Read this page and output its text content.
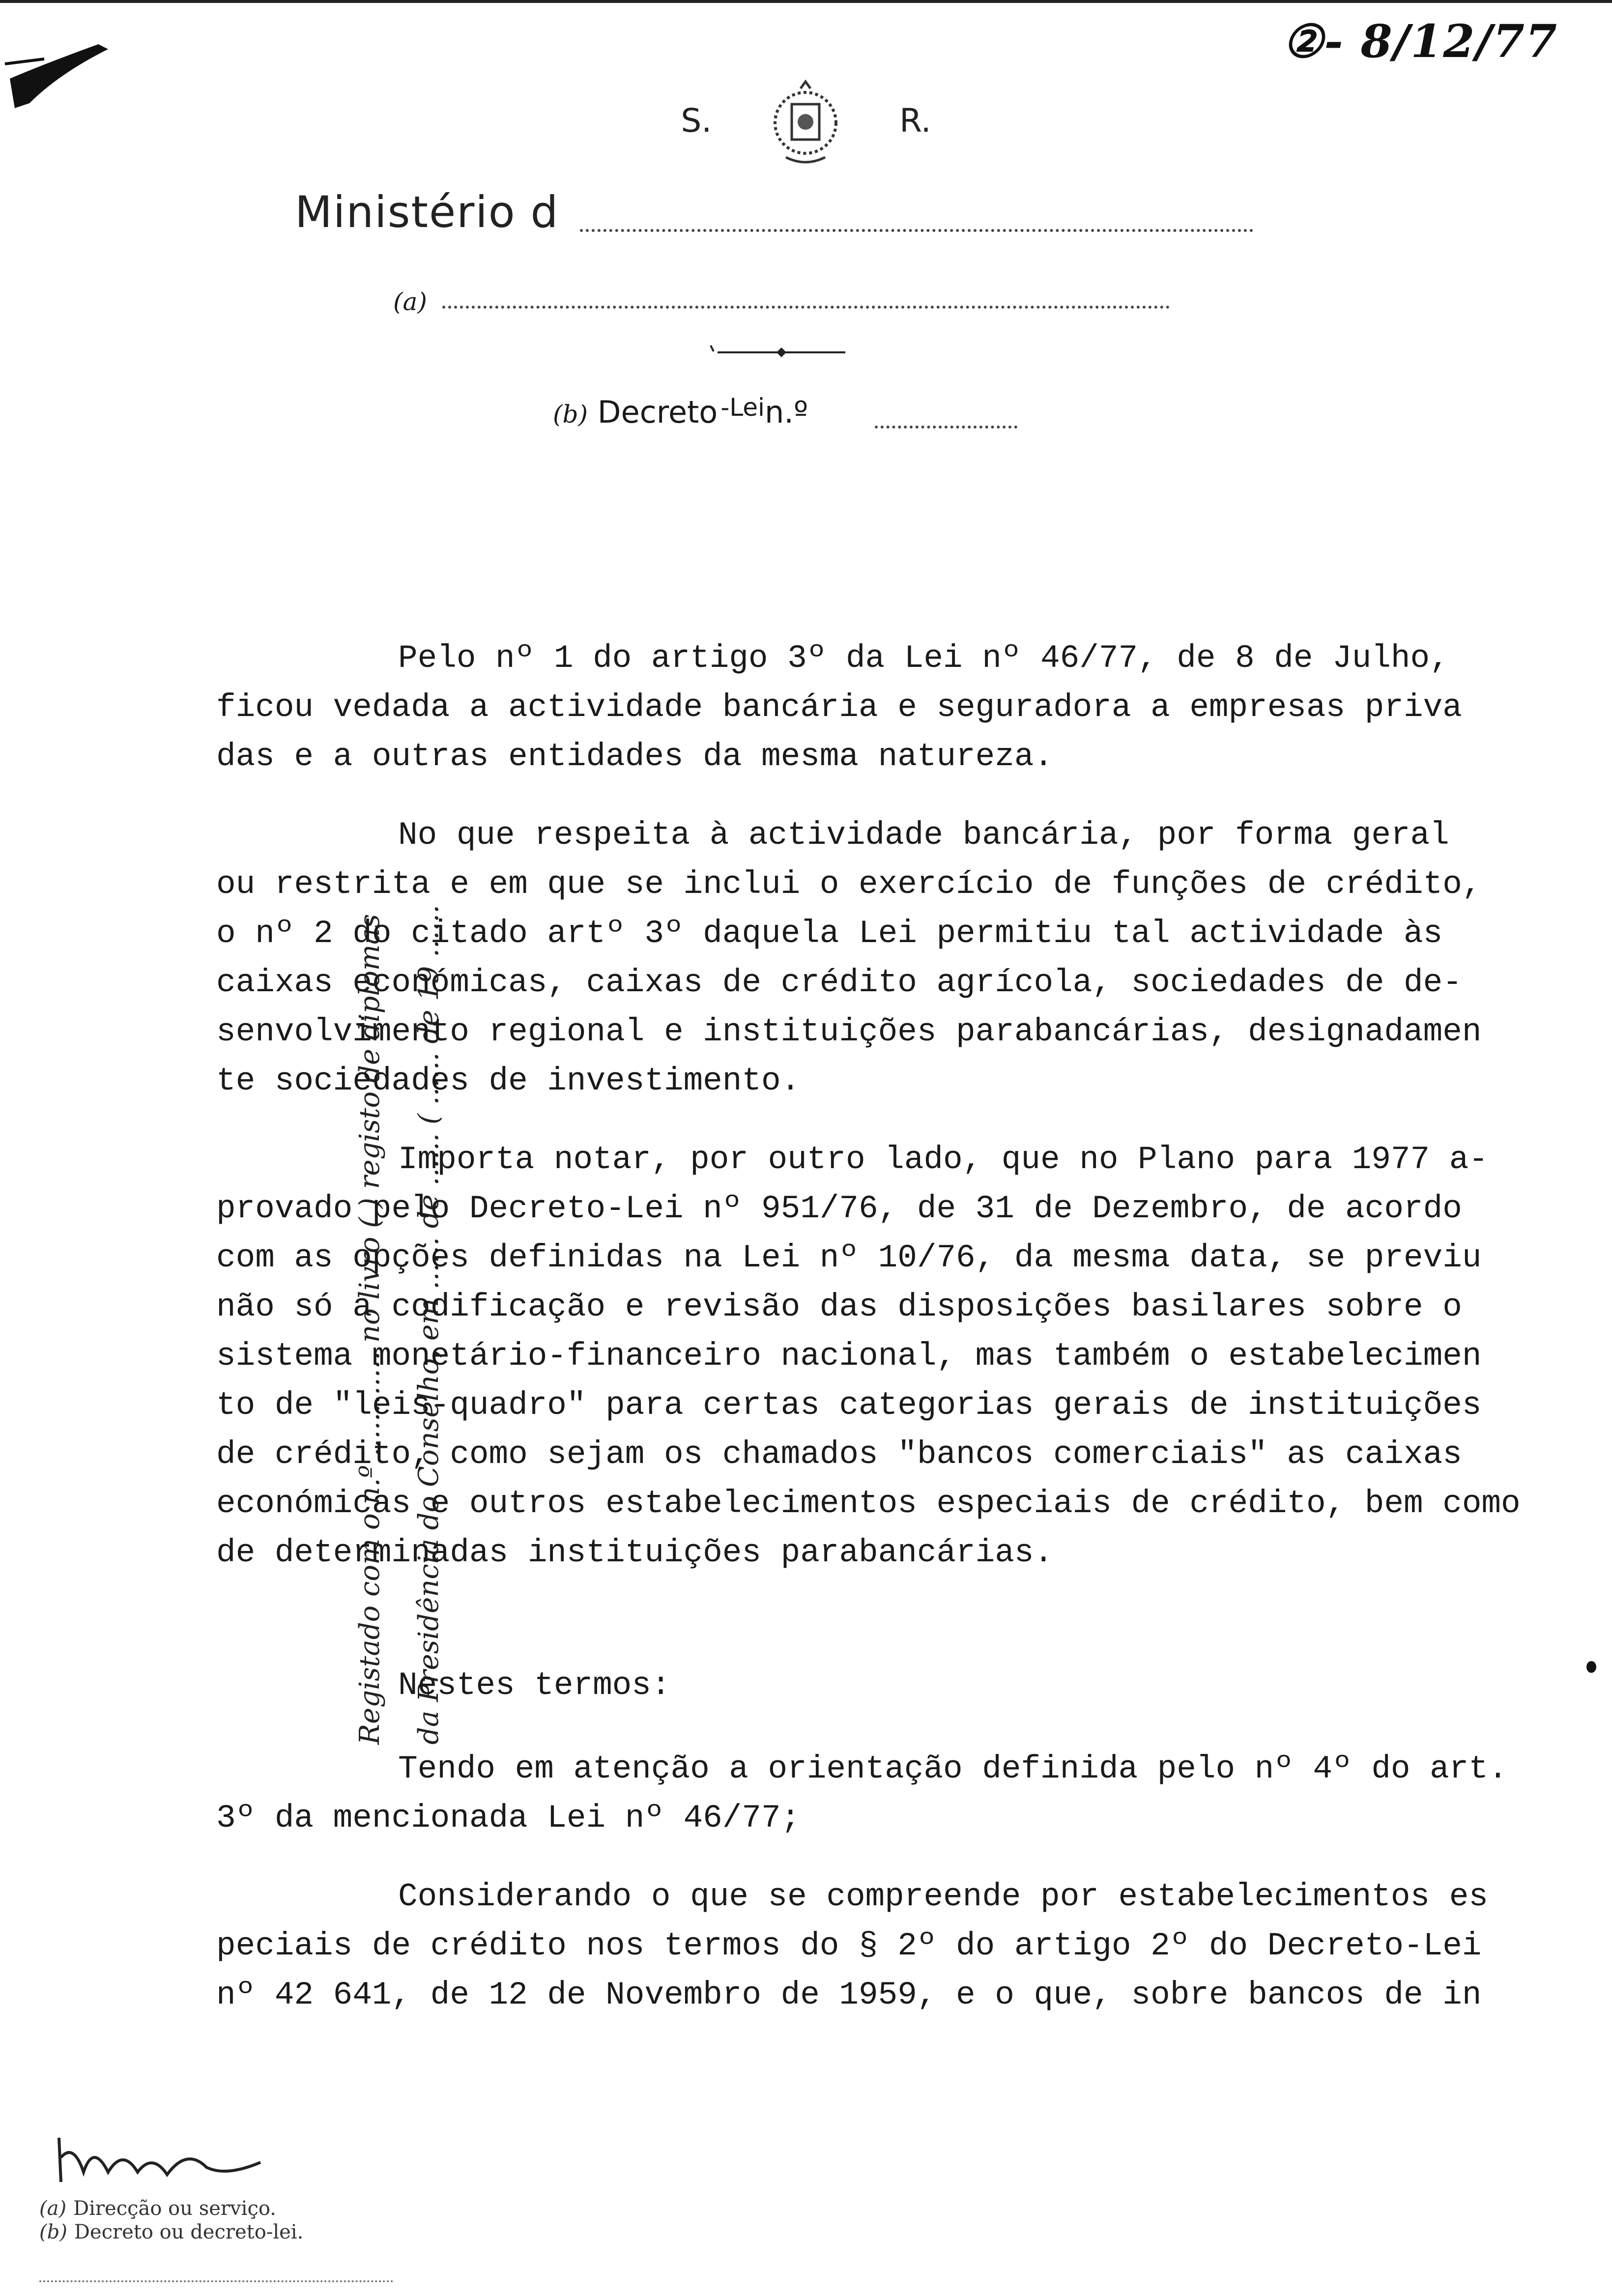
②- 8/12/77
S.	R.
Ministério d
(a)
(b) Decreto $^{-Lei}$n.º
Registado com o n.º ............ no livro ( ) registo de diplomas da Presidência do Conselho, em ...... de ...... ( ...... de 19 ......

Pelo nº 1 do artigo 3º da Lei nº 46/77, de 8 de Julho,

ficou vedada a actividade bancária e seguradora a empresas priva

das e a outras entidades da mesma natureza.

No que respeita à actividade bancária, por forma geral

ou restrita e em que se inclui o exercício de funções de crédito,

o nº 2 do citado artº 3º daquela Lei permitiu tal actividade às

caixas económicas, caixas de crédito agrícola, sociedades de de-

senvolvimento regional e instituições parabancárias, designadamen

te sociedades de investimento.

Importa notar, por outro lado, que no Plano para 1977 a-

provado pelo Decreto-Lei nº 951/76, de 31 de Dezembro, de acordo

com as opções definidas na Lei nº 10/76, da mesma data, se previu

não só a codificação e revisão das disposições basilares sobre o

sistema monetário-financeiro nacional, mas também o estabelecimen

to de "leis-quadro" para certas categorias gerais de instituições

de crédito, como sejam os chamados "bancos comerciais" as caixas

económicas e outros estabelecimentos especiais de crédito, bem como

de determinadas instituições parabancárias.

Nestes termos:

Tendo em atenção a orientação definida pelo nº 4º do art.

3º da mencionada Lei nº 46/77;

Considerando o que se compreende por estabelecimentos es

peciais de crédito nos termos do § 2º do artigo 2º do Decreto-Lei

nº 42 641, de 12 de Novembro de 1959, e o que, sobre bancos de in

(a) Direcção ou serviço.
(b) Decreto ou decreto-lei.
